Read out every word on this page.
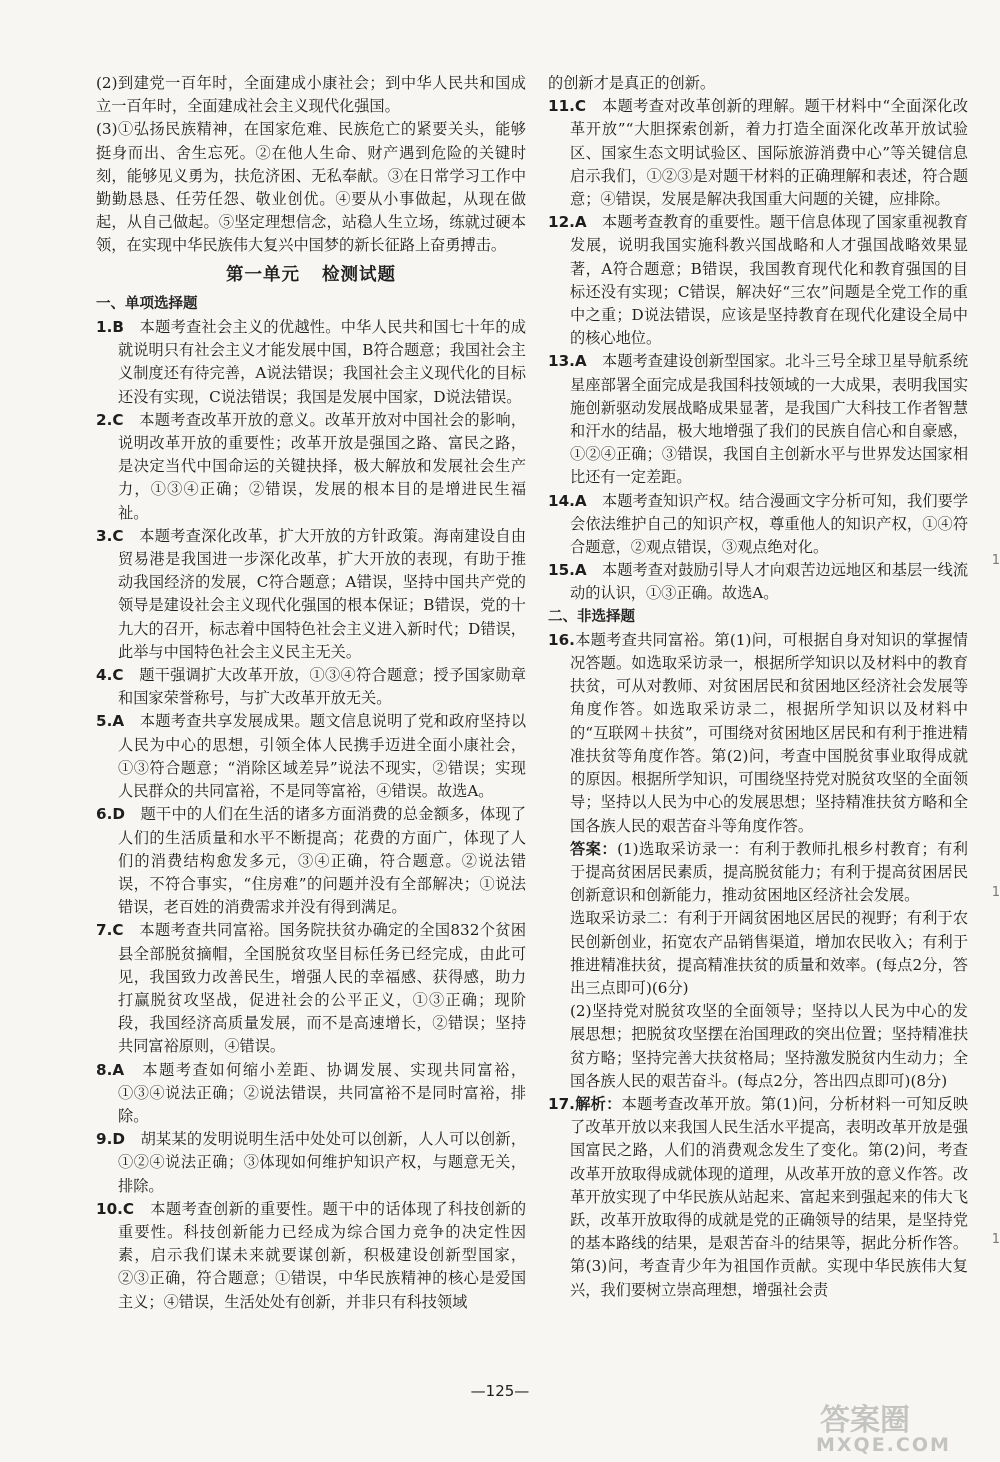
(2)到建党一百年时，全面建成小康社会；到中华人民共和国成立一百年时，全面建成社会主义现代化强国。

(3)①弘扬民族精神，在国家危难、民族危亡的紧要关头，能够挺身而出、舍生忘死。②在他人生命、财产遇到危险的关键时刻，能够见义勇为，扶危济困、无私奉献。③在日常学习工作中勤勤恳恳、任劳任怨、敬业创优。④要从小事做起，从现在做起，从自己做起。⑤坚定理想信念，站稳人生立场，练就过硬本领，在实现中华民族伟大复兴中国梦的新长征路上奋勇搏击。

第一单元 检测试题

一、单项选择题

1.B　 本题考查社会主义的优越性。中华人民共和国七十年的成就说明只有社会主义才能发展中国，B符合题意；我国社会主义制度还有待完善，A说法错误；我国社会主义现代化的目标还没有实现，C说法错误；我国是发展中国家，D说法错误。

2.C　 本题考查改革开放的意义。改革开放对中国社会的影响，说明改革开放的重要性；改革开放是强国之路、富民之路，是决定当代中国命运的关键抉择，极大解放和发展社会生产力，①③④正确；②错误，发展的根本目的是增进民生福祉。

3.C　 本题考查深化改革，扩大开放的方针政策。海南建设自由贸易港是我国进一步深化改革，扩大开放的表现，有助于推动我国经济的发展，C符合题意；A错误，坚持中国共产党的领导是建设社会主义现代化强国的根本保证；B错误，党的十九大的召开，标志着中国特色社会主义进入新时代；D错误，此举与中国特色社会主义民主无关。

4.C　 题干强调扩大改革开放，①③④符合题意；授予国家勋章和国家荣誉称号，与扩大改革开放无关。

5.A　 本题考查共享发展成果。题文信息说明了党和政府坚持以人民为中心的思想，引领全体人民携手迈进全面小康社会，①③符合题意；“消除区域差异”说法不现实，②错误；实现人民群众的共同富裕，不是同等富裕，④错误。故选A。

6.D　 题干中的人们在生活的诸多方面消费的总金额多，体现了人们的生活质量和水平不断提高；花费的方面广，体现了人们的消费结构愈发多元，③④正确，符合题意。②说法错误，不符合事实，“住房难”的问题并没有全部解决；①说法错误，老百姓的消费需求并没有得到满足。

7.C　 本题考查共同富裕。国务院扶贫办确定的全国832个贫困县全部脱贫摘帽，全国脱贫攻坚目标任务已经完成，由此可见，我国致力改善民生，增强人民的幸福感、获得感，助力打赢脱贫攻坚战，促进社会的公平正义，①③正确；现阶段，我国经济高质量发展，而不是高速增长，②错误；坚持共同富裕原则，④错误。

8.A　 本题考查如何缩小差距、协调发展、实现共同富裕，①③④说法正确；②说法错误，共同富裕不是同时富裕，排除。

9.D　 胡某某的发明说明生活中处处可以创新，人人可以创新，①②④说法正确；③体现如何维护知识产权，与题意无关，排除。

10.C　 本题考查创新的重要性。题干中的话体现了科技创新的重要性。科技创新能力已经成为综合国力竞争的决定性因素，启示我们谋未来就要谋创新，积极建设创新型国家，②③正确，符合题意；①错误，中华民族精神的核心是爱国主义；④错误，生活处处有创新，并非只有科技领域

的创新才是真正的创新。

11.C　 本题考查对改革创新的理解。题干材料中“全面深化改革开放”“大胆探索创新，着力打造全面深化改革开放试验区、国家生态文明试验区、国际旅游消费中心”等关键信息启示我们，①②③是对题干材料的正确理解和表述，符合题意；④错误，发展是解决我国重大问题的关键，应排除。

12.A　 本题考查教育的重要性。题干信息体现了国家重视教育发展，说明我国实施科教兴国战略和人才强国战略效果显著，A符合题意；B错误，我国教育现代化和教育强国的目标还没有实现；C错误，解决好“三农”问题是全党工作的重中之重；D说法错误，应该是坚持教育在现代化建设全局中的核心地位。

13.A　 本题考查建设创新型国家。北斗三号全球卫星导航系统星座部署全面完成是我国科技领域的一大成果，表明我国实施创新驱动发展战略成果显著，是我国广大科技工作者智慧和汗水的结晶，极大地增强了我们的民族自信心和自豪感，①②④正确；③错误，我国自主创新水平与世界发达国家相比还有一定差距。

14.A　 本题考查知识产权。结合漫画文字分析可知，我们要学会依法维护自己的知识产权，尊重他人的知识产权，①④符合题意，②观点错误，③观点绝对化。

15.A　 本题考查对鼓励引导人才向艰苦边远地区和基层一线流动的认识，①③正确。故选A。

二、非选择题

16.本题考查共同富裕。第(1)问，可根据自身对知识的掌握情况答题。如选取采访录一，根据所学知识以及材料中的教育扶贫，可从对教师、对贫困居民和贫困地区经济社会发展等角度作答。如选取采访录二，根据所学知识以及材料中的“互联网＋扶贫”，可围绕对贫困地区居民和有利于推进精准扶贫等角度作答。第(2)问，考查中国脱贫事业取得成就的原因。根据所学知识，可围绕坚持党对脱贫攻坚的全面领导；坚持以人民为中心的发展思想；坚持精准扶贫方略和全国各族人民的艰苦奋斗等角度作答。

答案：(1)选取采访录一：有利于教师扎根乡村教育；有利于提高贫困居民素质，提高脱贫能力；有利于提高贫困居民创新意识和创新能力，推动贫困地区经济社会发展。

选取采访录二：有利于开阔贫困地区居民的视野；有利于农民创新创业，拓宽农产品销售渠道，增加农民收入；有利于推进精准扶贫，提高精准扶贫的质量和效率。(每点2分，答出三点即可)(6分)

(2)坚持党对脱贫攻坚的全面领导；坚持以人民为中心的发展思想；把脱贫攻坚摆在治国理政的突出位置；坚持精准扶贫方略；坚持完善大扶贫格局；坚持激发脱贫内生动力；全国各族人民的艰苦奋斗。(每点2分，答出四点即可)(8分)

17.解析：本题考查改革开放。第(1)问，分析材料一可知反映了改革开放以来我国人民生活水平提高，表明改革开放是强国富民之路，人们的消费观念发生了变化。第(2)问，考查改革开放取得成就体现的道理，从改革开放的意义作答。改革开放实现了中华民族从站起来、富起来到强起来的伟大飞跃，改革开放取得的成就是党的正确领导的结果，是坚持党的基本路线的结果，是艰苦奋斗的结果等，据此分析作答。第(3)问，考查青少年为祖国作贡献。实现中华民族伟大复兴，我们要树立崇高理想，增强社会责

1
1
1
—125—
答案圈
MXQE.COM
